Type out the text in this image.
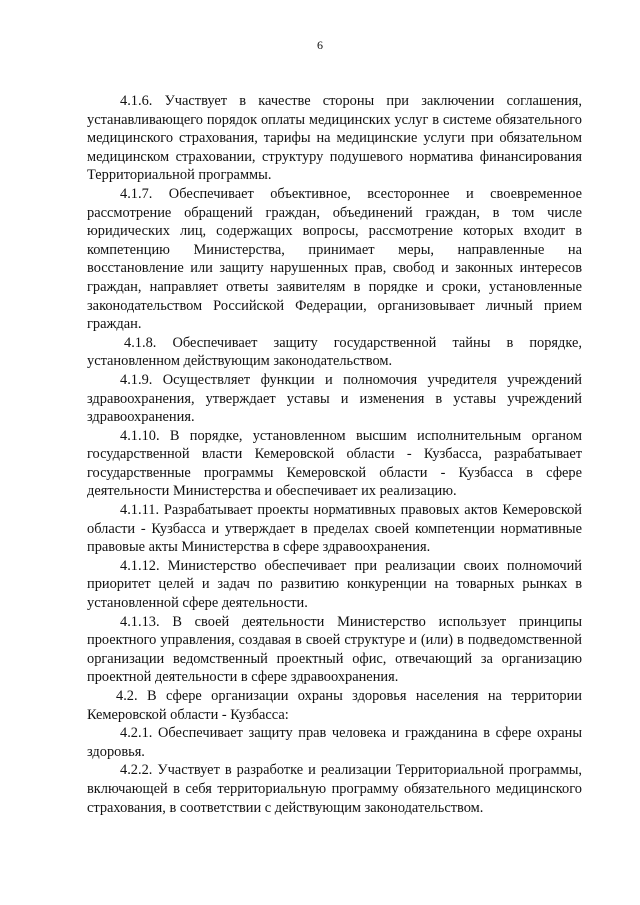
6

4.1.6. Участвует в качестве стороны при заключении соглашения, устанавливающего порядок оплаты медицинских услуг в системе обязательного медицинского страхования, тарифы на медицинские услуги при обязательном медицинском страховании, структуру подушевого норматива финансирования Территориальной программы.

4.1.7. Обеспечивает объективное, всестороннее и своевременное рассмотрение обращений граждан, объединений граждан, в том числе юридических лиц, содержащих вопросы, рассмотрение которых входит в компетенцию Министерства, принимает меры, направленные на восстановление или защиту нарушенных прав, свобод и законных интересов граждан, направляет ответы заявителям в порядке и сроки, установленные законодательством Российской Федерации, организовывает личный прием граждан.

4.1.8. Обеспечивает защиту государственной тайны в порядке, установленном действующим законодательством.

4.1.9. Осуществляет функции и полномочия учредителя учреждений здравоохранения, утверждает уставы и изменения в уставы учреждений здравоохранения.

4.1.10. В порядке, установленном высшим исполнительным органом государственной власти Кемеровской области - Кузбасса, разрабатывает государственные программы Кемеровской области - Кузбасса в сфере деятельности Министерства и обеспечивает их реализацию.

4.1.11. Разрабатывает проекты нормативных правовых актов Кемеровской области - Кузбасса и утверждает в пределах своей компетенции нормативные правовые акты Министерства в сфере здравоохранения.

4.1.12. Министерство обеспечивает при реализации своих полномочий приоритет целей и задач по развитию конкуренции на товарных рынках в установленной сфере деятельности.

4.1.13. В своей деятельности Министерство использует принципы проектного управления, создавая в своей структуре и (или) в подведомственной организации ведомственный проектный офис, отвечающий за организацию проектной деятельности в сфере здравоохранения.

4.2. В сфере организации охраны здоровья населения на территории Кемеровской области - Кузбасса:

4.2.1. Обеспечивает защиту прав человека и гражданина в сфере охраны здоровья.

4.2.2. Участвует в разработке и реализации Территориальной программы, включающей в себя территориальную программу обязательного медицинского страхования, в соответствии с действующим законодательством.
